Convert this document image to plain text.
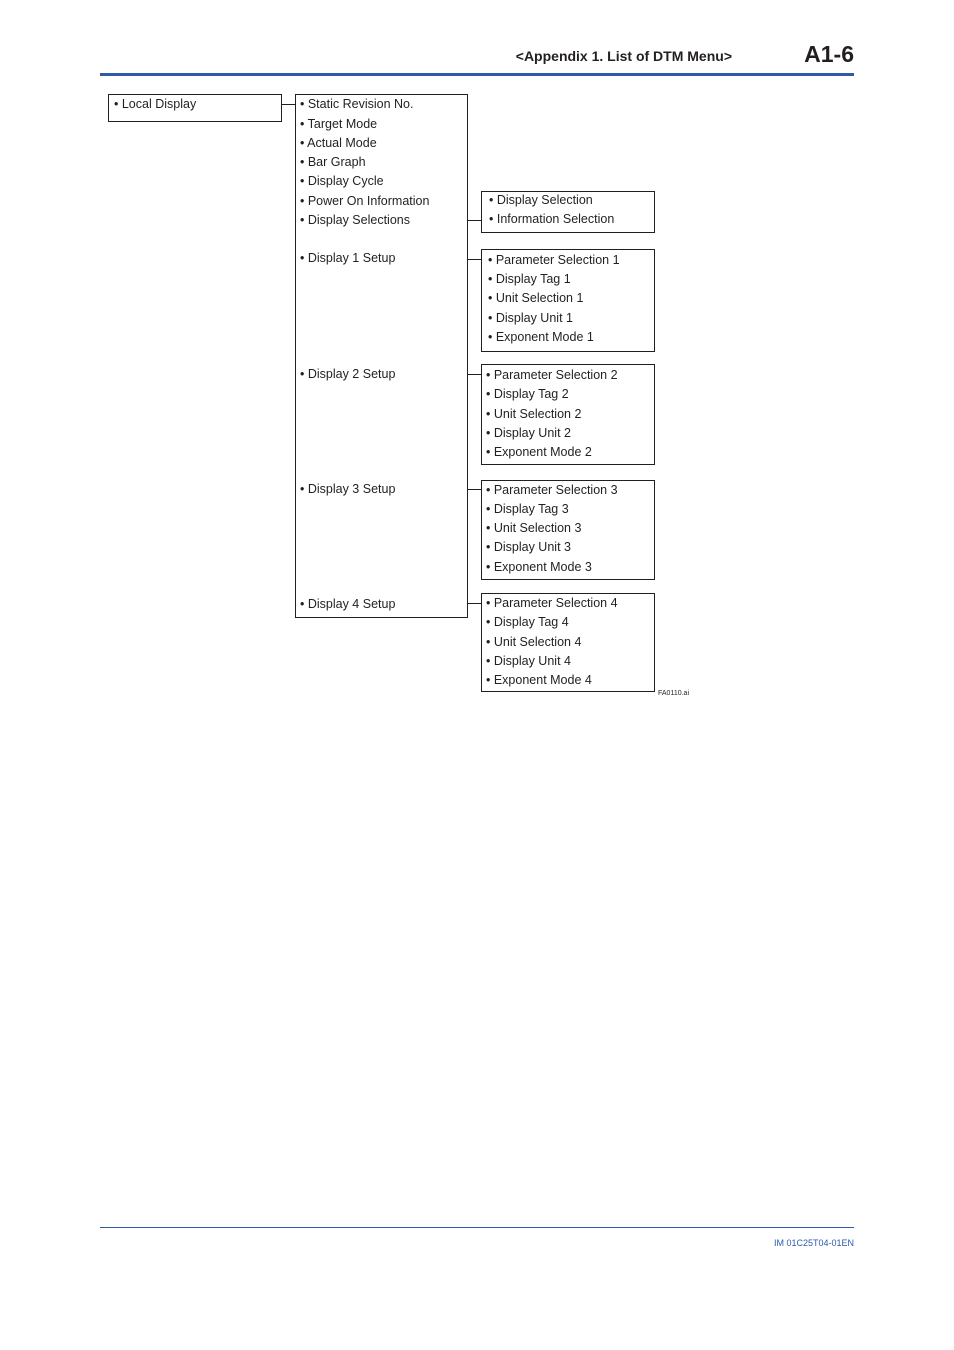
<Appendix 1. List of DTM Menu>	A1-6
• Local Display	• Static Revision No.
• Target Mode
• Actual Mode
• Bar Graph
• Display Cycle
• Power On Information
• Display Selections
• Display 1 Setup
• Display 2 Setup
• Display 3 Setup
• Display 4 Setup
• Display Selection
• Information Selection
• Parameter Selection 1
• Display Tag 1
• Unit Selection 1
• Display Unit 1
• Exponent Mode 1
• Parameter Selection 2
• Display Tag 2
• Unit Selection 2
• Display Unit 2
• Exponent Mode 2
• Parameter Selection 3
• Display Tag 3
• Unit Selection 3
• Display Unit 3
• Exponent Mode 3
• Parameter Selection 4
• Display Tag 4
• Unit Selection 4
• Display Unit 4
• Exponent Mode 4
FA0110.ai
IM 01C25T04-01EN
